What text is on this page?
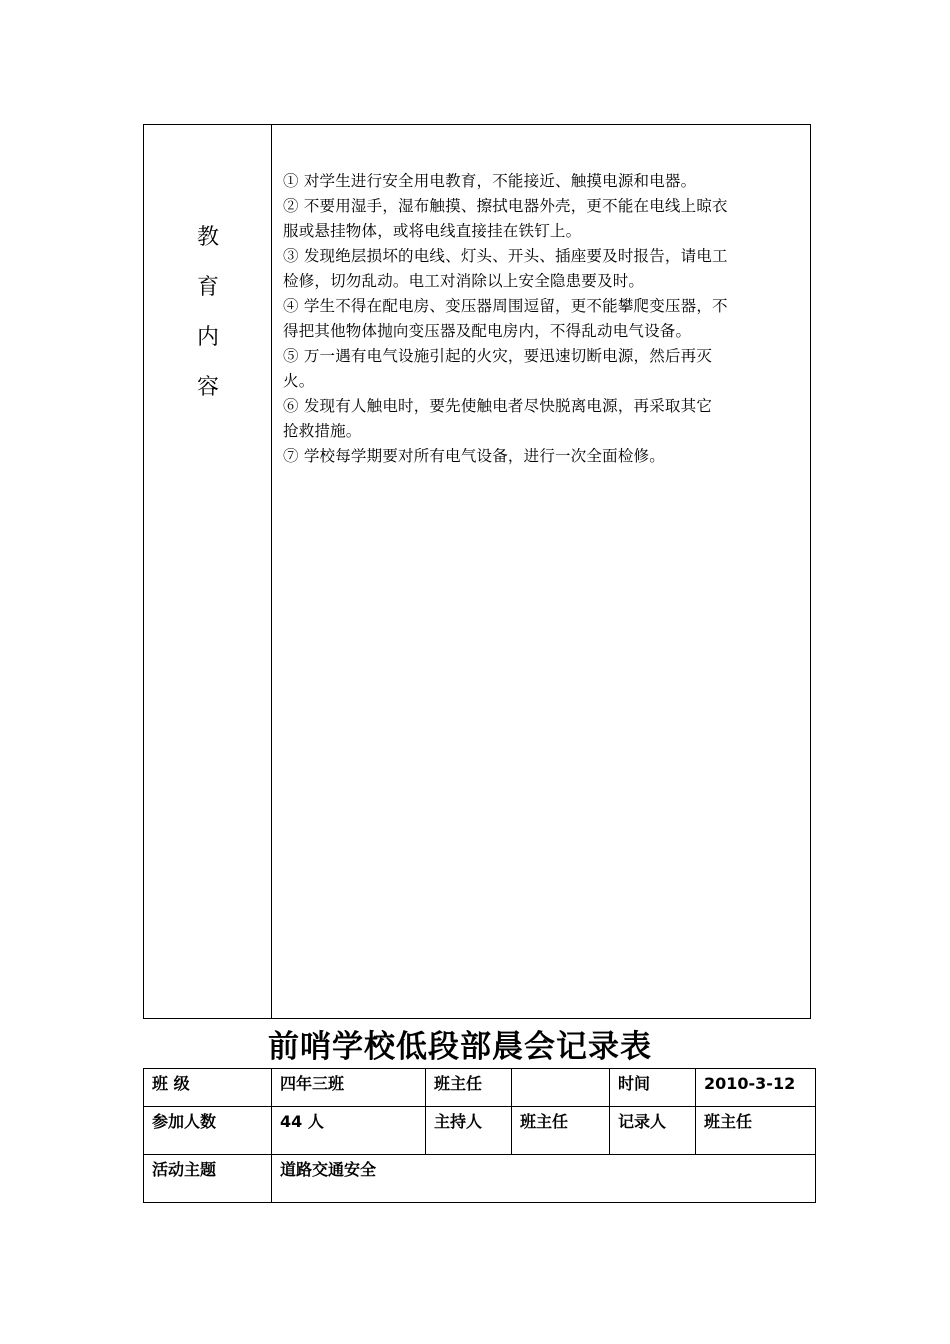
教
育
内
容

① 对学生进行安全用电教育，不能接近、触摸电源和电器。

② 不要用湿手，湿布触摸、擦拭电器外壳，更不能在电线上晾衣

服或悬挂物体，或将电线直接挂在铁钉上。

③ 发现绝层损坏的电线、灯头、开头、插座要及时报告，请电工

检修，切勿乱动。电工对消除以上安全隐患要及时。

④ 学生不得在配电房、变压器周围逗留，更不能攀爬变压器，不

得把其他物体抛向变压器及配电房内，不得乱动电气设备。

⑤ 万一遇有电气设施引起的火灾，要迅速切断电源，然后再灭

火。

⑥ 发现有人触电时，要先使触电者尽快脱离电源，再采取其它

抢救措施。

⑦ 学校每学期要对所有电气设备，进行一次全面检修。

前哨学校低段部晨会记录表
班 级	四年三班	班主任		时间	2010-3-12
参加人数	44 人	主持人	班主任	记录人	班主任
活动主题	道路交通安全				
